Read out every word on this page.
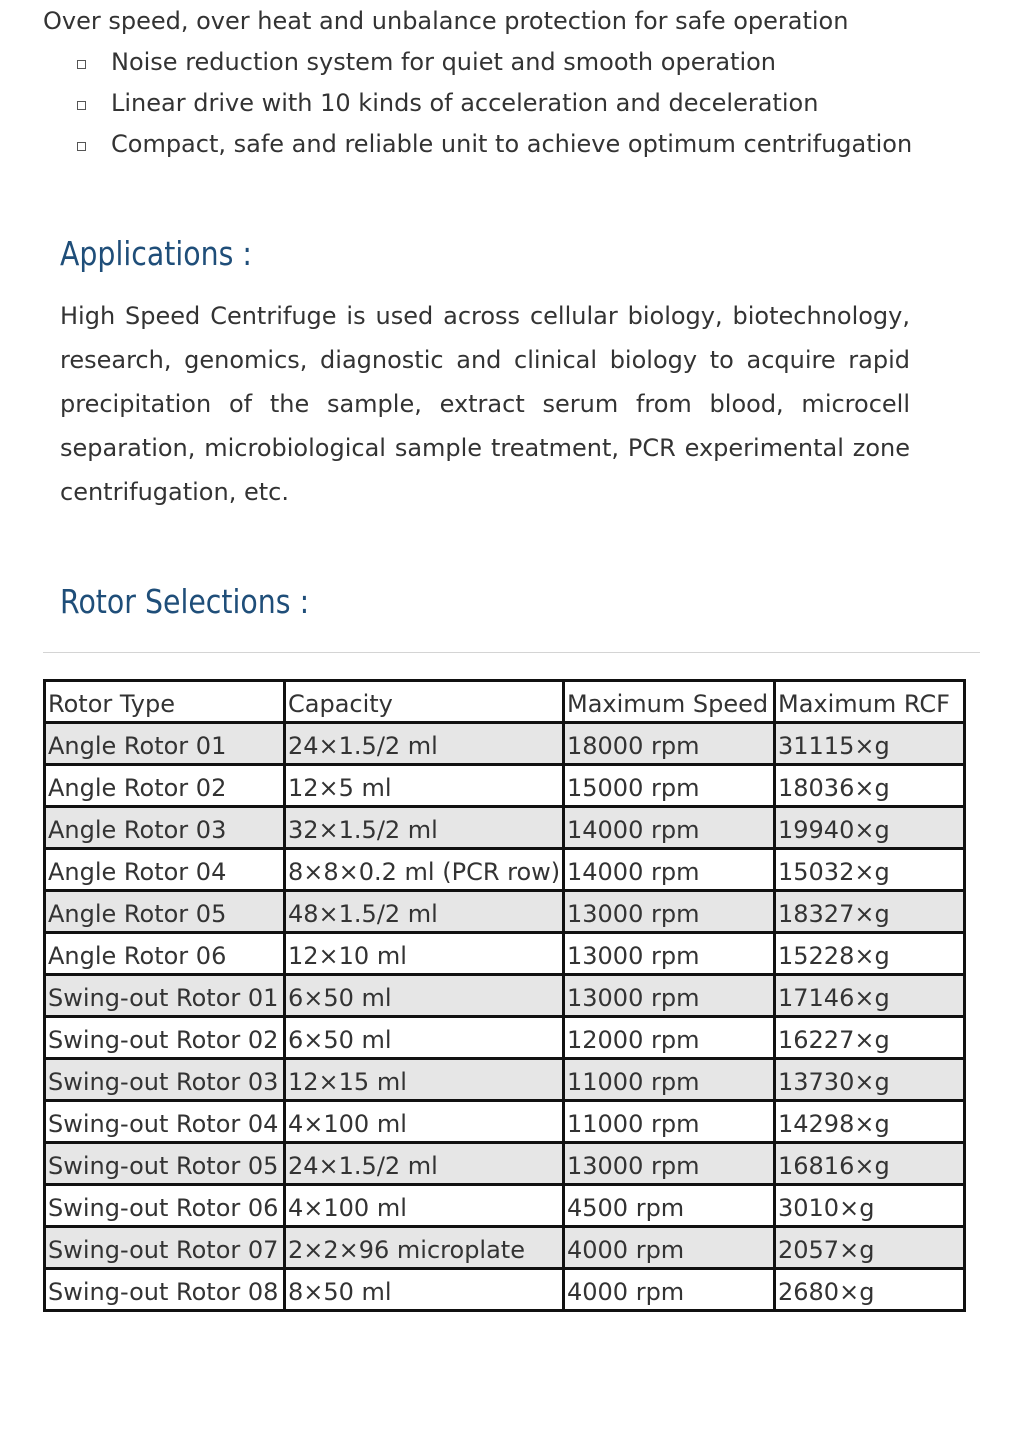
Over speed, over heat and unbalance protection for safe operation
Noise reduction system for quiet and smooth operation
Linear drive with 10 kinds of acceleration and deceleration
Compact, safe and reliable unit to achieve optimum centrifugation
Applications :

High Speed Centrifuge is used across cellular biology, biotechnology, research, genomics, diagnostic and clinical biology to acquire rapid precipitation of the sample, extract serum from blood, microcell separation, microbiological sample treatment, PCR experimental zone centrifugation, etc.

Rotor Selections :
Rotor Type	Capacity	Maximum Speed	Maximum RCF
Angle Rotor 01	24×1.5/2 ml	18000 rpm	31115×g
Angle Rotor 02	12×5 ml	15000 rpm	18036×g
Angle Rotor 03	32×1.5/2 ml	14000 rpm	19940×g
Angle Rotor 04	8×8×0.2 ml (PCR row)	14000 rpm	15032×g
Angle Rotor 05	48×1.5/2 ml	13000 rpm	18327×g
Angle Rotor 06	12×10 ml	13000 rpm	15228×g
Swing-out Rotor 01	6×50 ml	13000 rpm	17146×g
Swing-out Rotor 02	6×50 ml	12000 rpm	16227×g
Swing-out Rotor 03	12×15 ml	11000 rpm	13730×g
Swing-out Rotor 04	4×100 ml	11000 rpm	14298×g
Swing-out Rotor 05	24×1.5/2 ml	13000 rpm	16816×g
Swing-out Rotor 06	4×100 ml	4500 rpm	3010×g
Swing-out Rotor 07	2×2×96 microplate	4000 rpm	2057×g
Swing-out Rotor 08	8×50 ml	4000 rpm	2680×g
